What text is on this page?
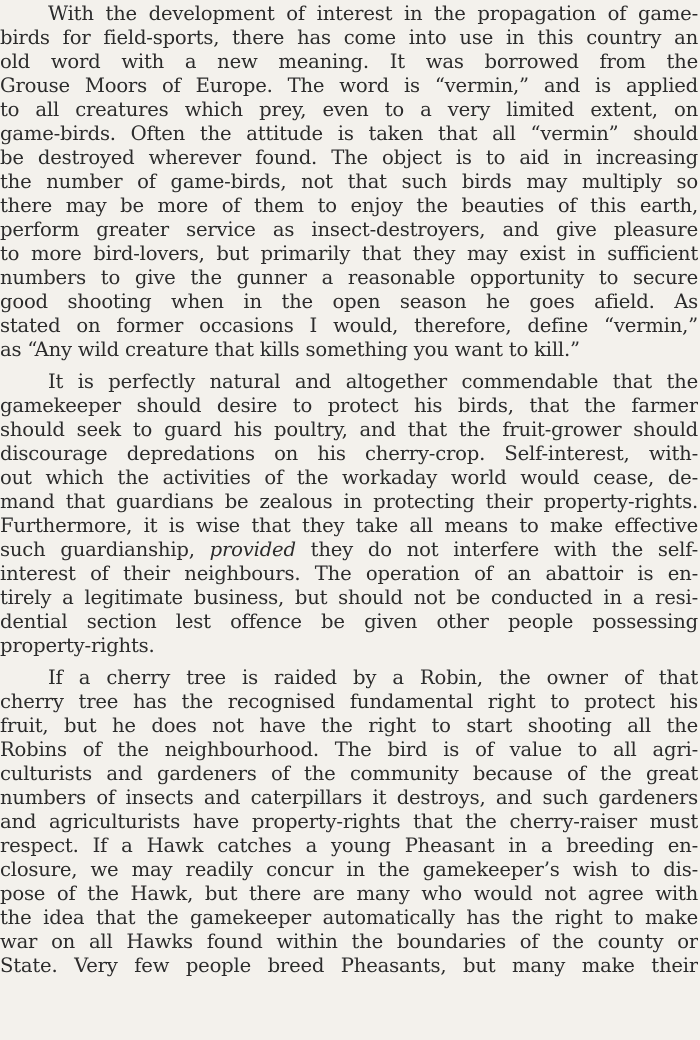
With the development of interest in the propagation of game-
birds for field-sports, there has come into use in this country an
old word with a new meaning. It was borrowed from the
Grouse Moors of Europe. The word is “vermin,” and is applied
to all creatures which prey, even to a very limited extent, on
game-birds. Often the attitude is taken that all “vermin” should
be destroyed wherever found. The object is to aid in increasing
the number of game-birds, not that such birds may multiply so
there may be more of them to enjoy the beauties of this earth,
perform greater service as insect-destroyers, and give pleasure
to more bird-lovers, but primarily that they may exist in sufficient
numbers to give the gunner a reasonable opportunity to secure
good shooting when in the open season he goes afield. As
stated on former occasions I would, therefore, define “vermin,”
as “Any wild creature that kills something you want to kill.”
It is perfectly natural and altogether commendable that the
gamekeeper should desire to protect his birds, that the farmer
should seek to guard his poultry, and that the fruit-grower should
discourage depredations on his cherry-crop. Self-interest, with-
out which the activities of the workaday world would cease, de-
mand that guardians be zealous in protecting their property-rights.
Furthermore, it is wise that they take all means to make effective
such guardianship, provided they do not interfere with the self-
interest of their neighbours. The operation of an abattoir is en-
tirely a legitimate business, but should not be conducted in a resi-
dential section lest offence be given other people possessing
property-rights.
If a cherry tree is raided by a Robin, the owner of that
cherry tree has the recognised fundamental right to protect his
fruit, but he does not have the right to start shooting all the
Robins of the neighbourhood. The bird is of value to all agri-
culturists and gardeners of the community because of the great
numbers of insects and caterpillars it destroys, and such gardeners
and agriculturists have property-rights that the cherry-raiser must
respect. If a Hawk catches a young Pheasant in a breeding en-
closure, we may readily concur in the gamekeeper’s wish to dis-
pose of the Hawk, but there are many who would not agree with
the idea that the gamekeeper automatically has the right to make
war on all Hawks found within the boundaries of the county or
State. Very few people breed Pheasants, but many make their
